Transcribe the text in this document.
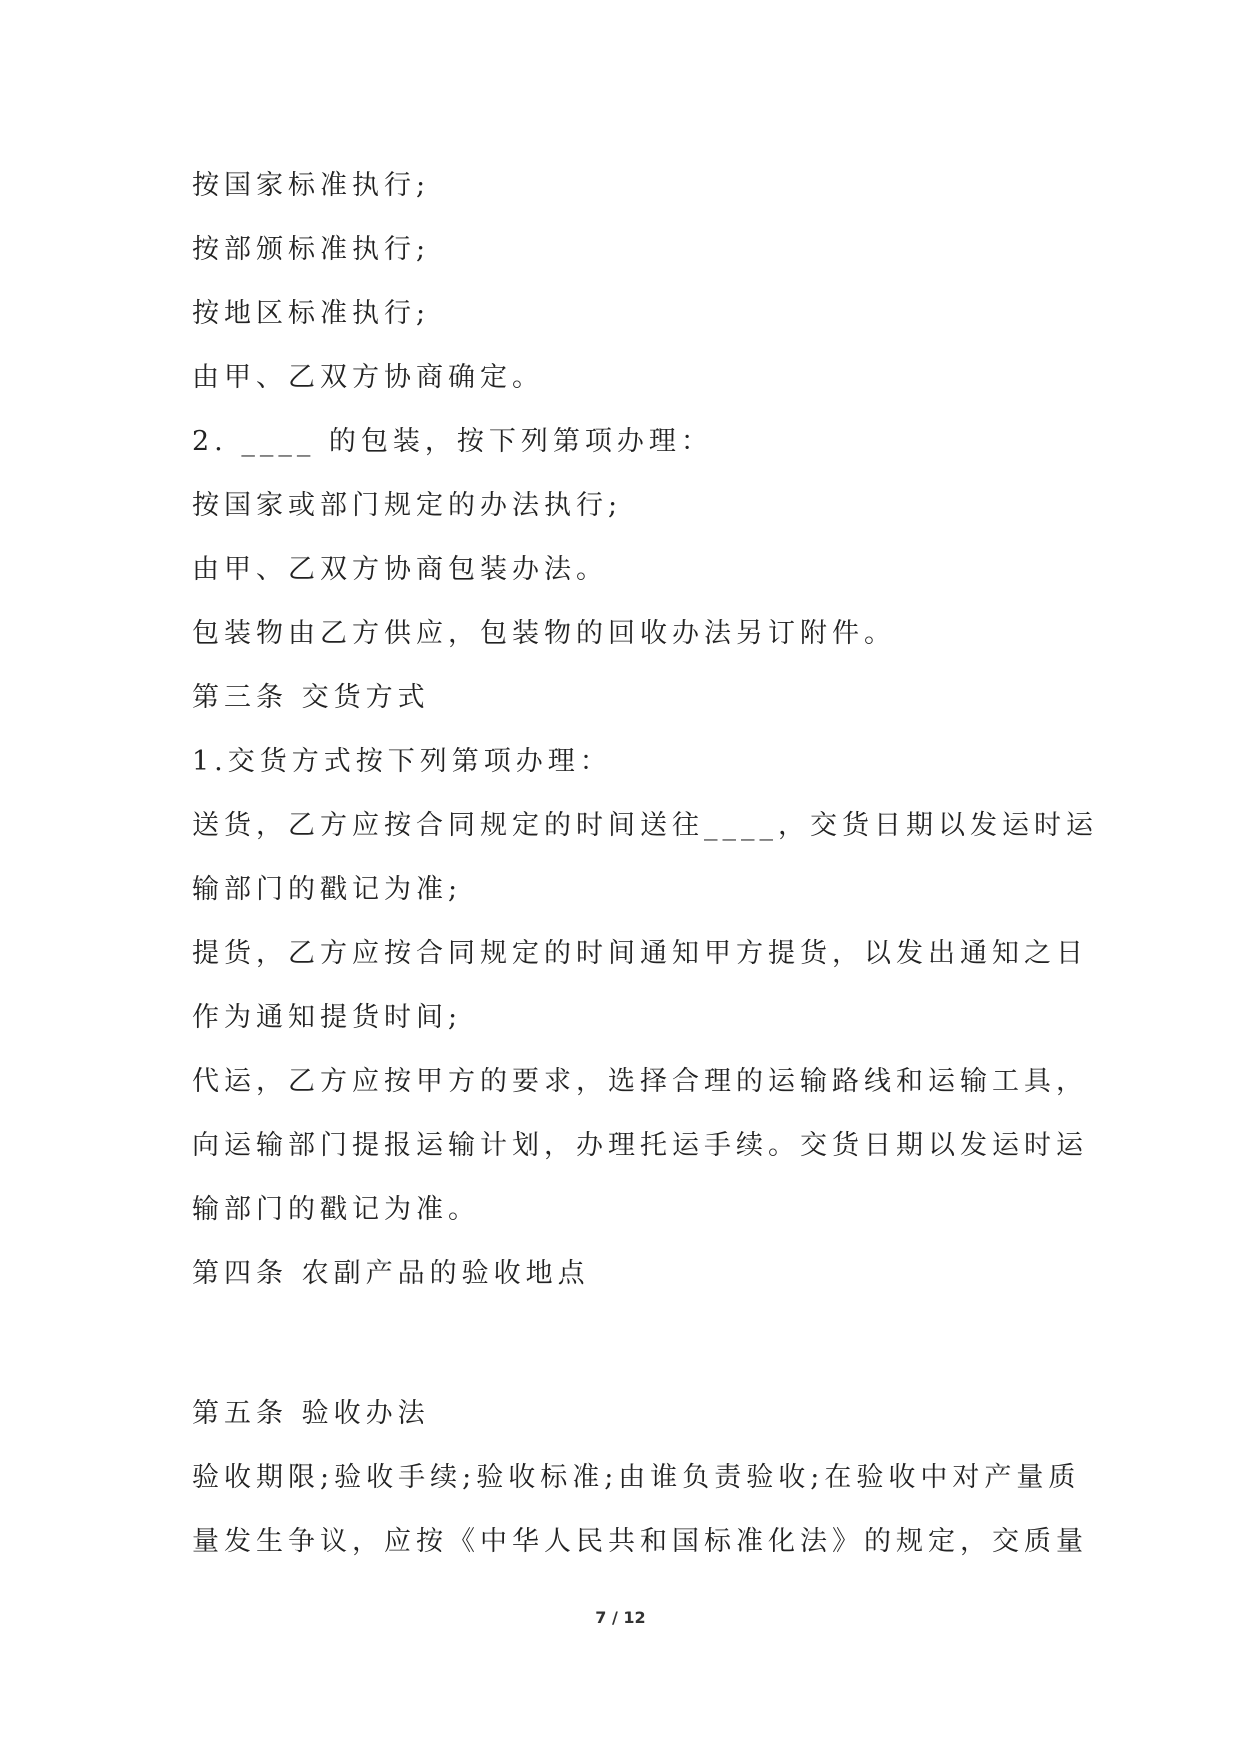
按国家标准执行;
按部颁标准执行;
按地区标准执行;
由甲、乙双方协商确定。
2. ____ 的包装，按下列第项办理：
按国家或部门规定的办法执行;
由甲、乙双方协商包装办法。
包装物由乙方供应，包装物的回收办法另订附件。
第三条 交货方式
1.交货方式按下列第项办理：
送货，乙方应按合同规定的时间送往____，交货日期以发运时运
输部门的戳记为准;
提货，乙方应按合同规定的时间通知甲方提货，以发出通知之日
作为通知提货时间;
代运，乙方应按甲方的要求，选择合理的运输路线和运输工具，
向运输部门提报运输计划，办理托运手续。交货日期以发运时运
输部门的戳记为准。
第四条 农副产品的验收地点
第五条 验收办法
验收期限;验收手续;验收标准;由谁负责验收;在验收中对产量质
量发生争议，应按《中华人民共和国标准化法》的规定，交质量
7 / 12
